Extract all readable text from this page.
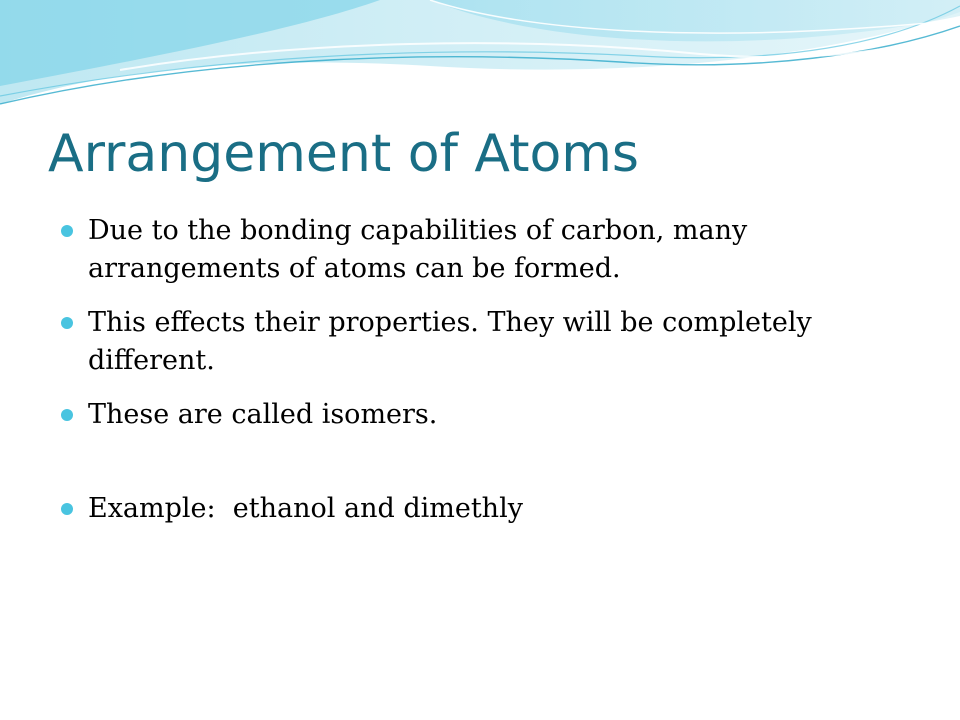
Arrangement of Atoms
Due to the bonding capabilities of carbon, many arrangements of atoms can be formed.
This effects their properties. They will be completely different.
These are called isomers.
Example:  ethanol and dimethly
